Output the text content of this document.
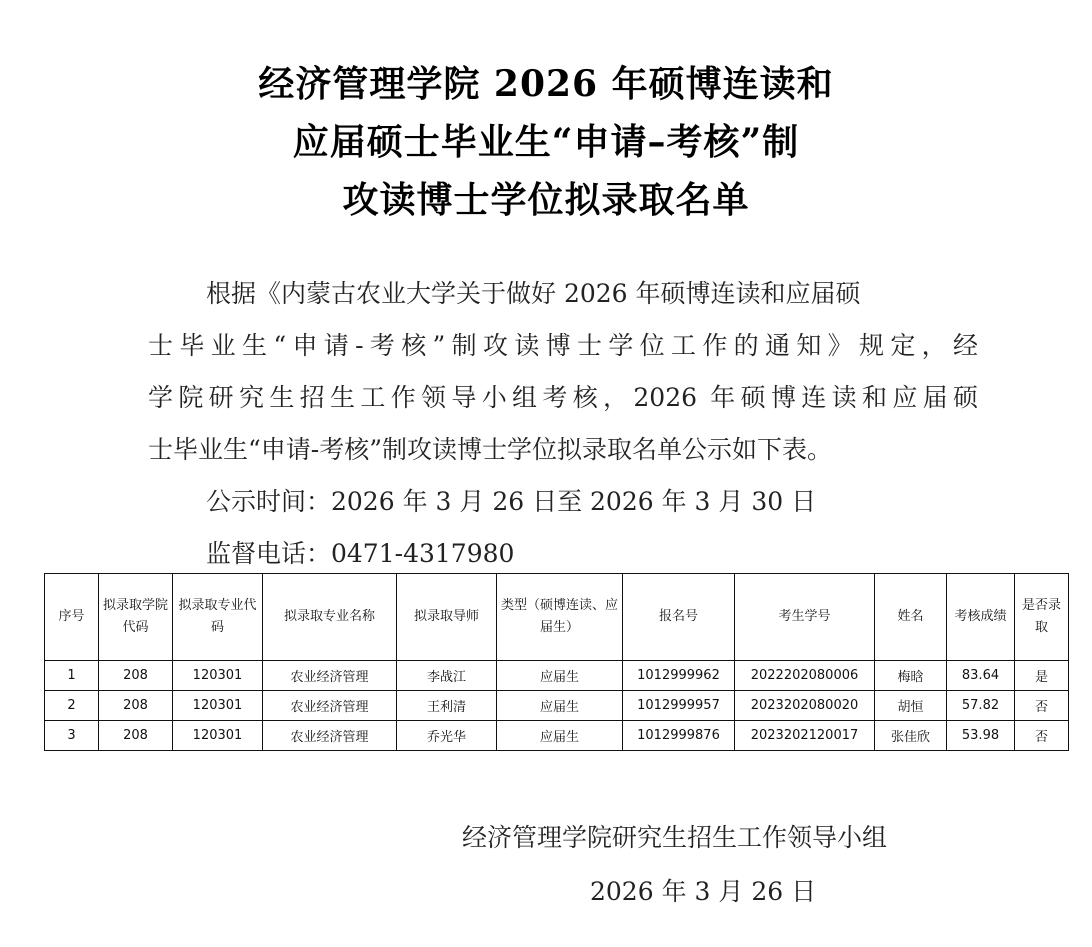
经济管理学院 2026 年硕博连读和
应届硕士毕业生“申请–考核”制
攻读博士学位拟录取名单
根据《内蒙古农业大学关于做好 2026 年硕博连读和应届硕
士毕业生“申请-考核”制攻读博士学位工作的通知》规定，经
学院研究生招生工作领导小组考核，2026 年硕博连读和应届硕
士毕业生“申请-考核”制攻读博士学位拟录取名单公示如下表。
公示时间：2026 年 3 月 26 日至 2026 年 3 月 30 日
监督电话：0471-4317980
序号	拟录取学院代码	拟录取专业代码	拟录取专业名称	拟录取导师	类型（硕博连读、应届生）	报名号	考生学号	姓名	考核成绩	是否录取
1	208	120301	农业经济管理	李战江	应届生	1012999962	2022202080006	梅晗	83.64	是
2	208	120301	农业经济管理	王利清	应届生	1012999957	2023202080020	胡恒	57.82	否
3	208	120301	农业经济管理	乔光华	应届生	1012999876	2023202120017	张佳欣	53.98	否
经济管理学院研究生招生工作领导小组
2026 年 3 月 26 日
